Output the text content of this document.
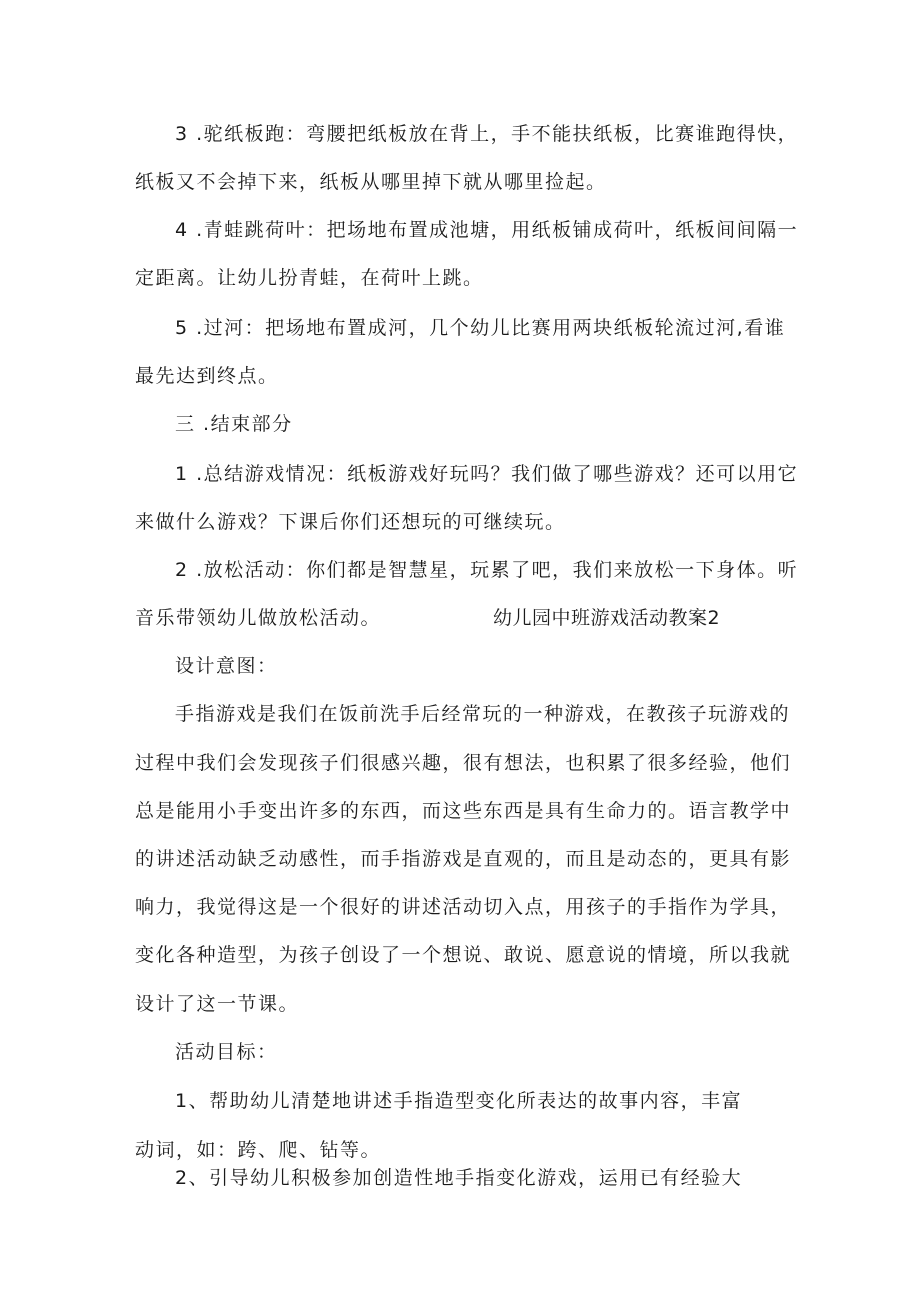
3 .驼纸板跑：弯腰把纸板放在背上，手不能扶纸板，比赛谁跑得快，
纸板又不会掉下来，纸板从哪里掉下就从哪里捡起。
4 .青蛙跳荷叶：把场地布置成池塘，用纸板铺成荷叶，纸板间间隔一
定距离。让幼儿扮青蛙，在荷叶上跳。
5 .过河：把场地布置成河，几个幼儿比赛用两块纸板轮流过河,看谁
最先达到终点。
三 .结束部分
1 .总结游戏情况：纸板游戏好玩吗？我们做了哪些游戏？还可以用它
来做什么游戏？下课后你们还想玩的可继续玩。
2 .放松活动：你们都是智慧星，玩累了吧，我们来放松一下身体。听
音乐带领幼儿做放松活动。	幼儿园中班游戏活动教案2
设计意图：
手指游戏是我们在饭前洗手后经常玩的一种游戏，在教孩子玩游戏的
过程中我们会发现孩子们很感兴趣，很有想法，也积累了很多经验，他们
总是能用小手变出许多的东西，而这些东西是具有生命力的。语言教学中
的讲述活动缺乏动感性，而手指游戏是直观的，而且是动态的，更具有影
响力，我觉得这是一个很好的讲述活动切入点，用孩子的手指作为学具，
变化各种造型，为孩子创设了一个想说、敢说、愿意说的情境，所以我就
设计了这一节课。
活动目标：
1、帮助幼儿清楚地讲述手指造型变化所表达的故事内容，丰富
动词，如：跨、爬、钻等。
2、引导幼儿积极参加创造性地手指变化游戏，运用已有经验大
